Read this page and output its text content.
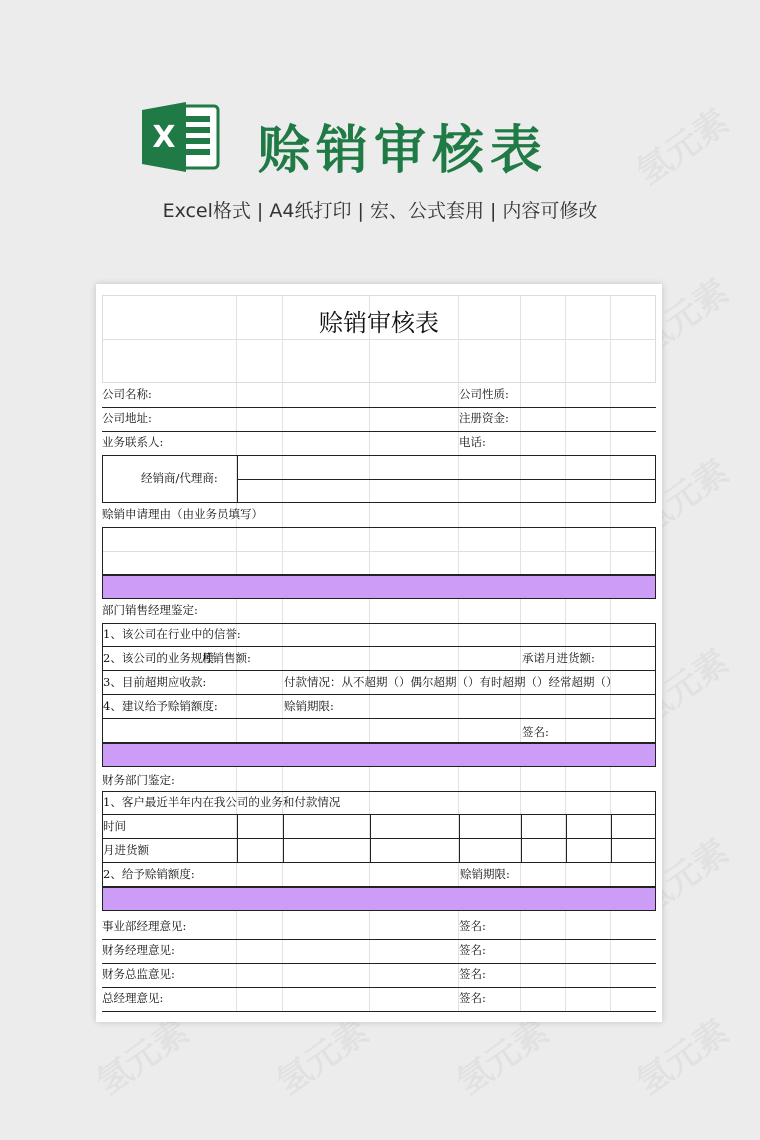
X 赊销审核表
Excel格式 | A4纸打印 | 宏、公式套用 | 内容可修改
赊销审核表
公司名称:	公司性质:
公司地址:	注册资金:
业务联系人:	电话:
经销商/代理商:
赊销申请理由（由业务员填写）
部门销售经理鉴定:
1、该公司在行业中的信誉:
2、该公司的业务规模
月销售额:	承诺月进货额:
3、目前超期应收款:	付款情况：从不超期（）偶尔超期（）有时超期（）经常超期（）
4、建议给予赊销额度:	赊销期限:
签名:
财务部门鉴定:
1、客户最近半年内在我公司的业务和付款情况
时间
月进货额
2、给予赊销额度:	赊销期限:
事业部经理意见:	签名:
财务经理意见:	签名:
财务总监意见:	签名:
总经理意见:	签名:
